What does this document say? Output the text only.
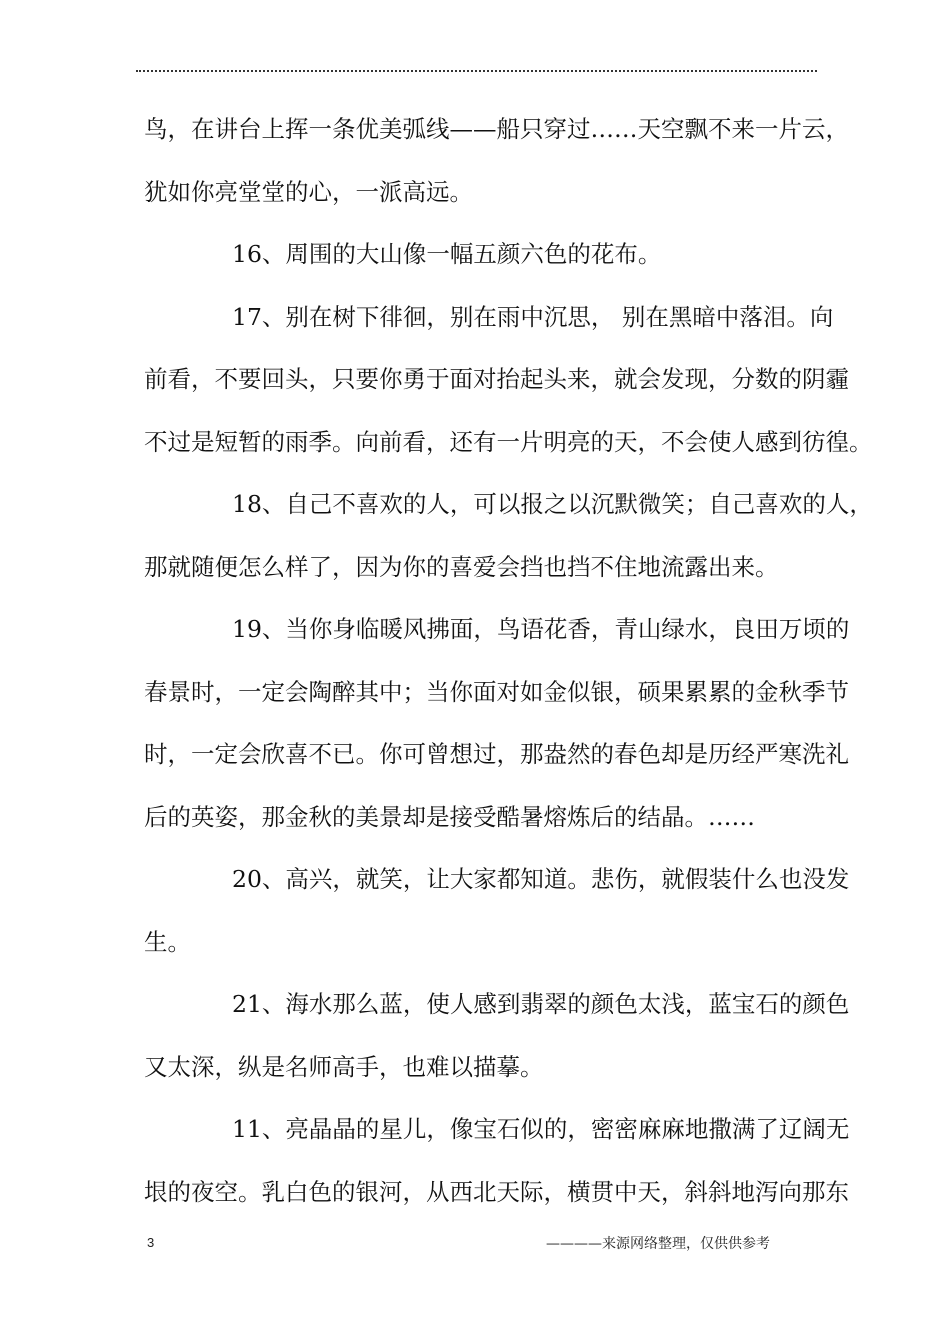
鸟，在讲台上挥一条优美弧线——船只穿过……天空飘不来一片云，
犹如你亮堂堂的心，一派高远。
16、周围的大山像一幅五颜六色的花布。
17、别在树下徘徊，别在雨中沉思， 别在黑暗中落泪。向
前看，不要回头，只要你勇于面对抬起头来，就会发现，分数的阴霾
不过是短暂的雨季。向前看，还有一片明亮的天，不会使人感到彷徨。
18、自己不喜欢的人，可以报之以沉默微笑；自己喜欢的人，
那就随便怎么样了，因为你的喜爱会挡也挡不住地流露出来。
19、当你身临暖风拂面，鸟语花香，青山绿水，良田万顷的
春景时，一定会陶醉其中；当你面对如金似银，硕果累累的金秋季节
时，一定会欣喜不已。你可曾想过，那盎然的春色却是历经严寒洗礼
后的英姿，那金秋的美景却是接受酷暑熔炼后的结晶。……
20、高兴，就笑，让大家都知道。悲伤，就假装什么也没发
生。
21、海水那么蓝，使人感到翡翠的颜色太浅，蓝宝石的颜色
又太深，纵是名师高手，也难以描摹。
11、亮晶晶的星儿，像宝石似的，密密麻麻地撒满了辽阔无
垠的夜空。乳白色的银河，从西北天际，横贯中天，斜斜地泻向那东
3	————来源网络整理，仅供供参考
